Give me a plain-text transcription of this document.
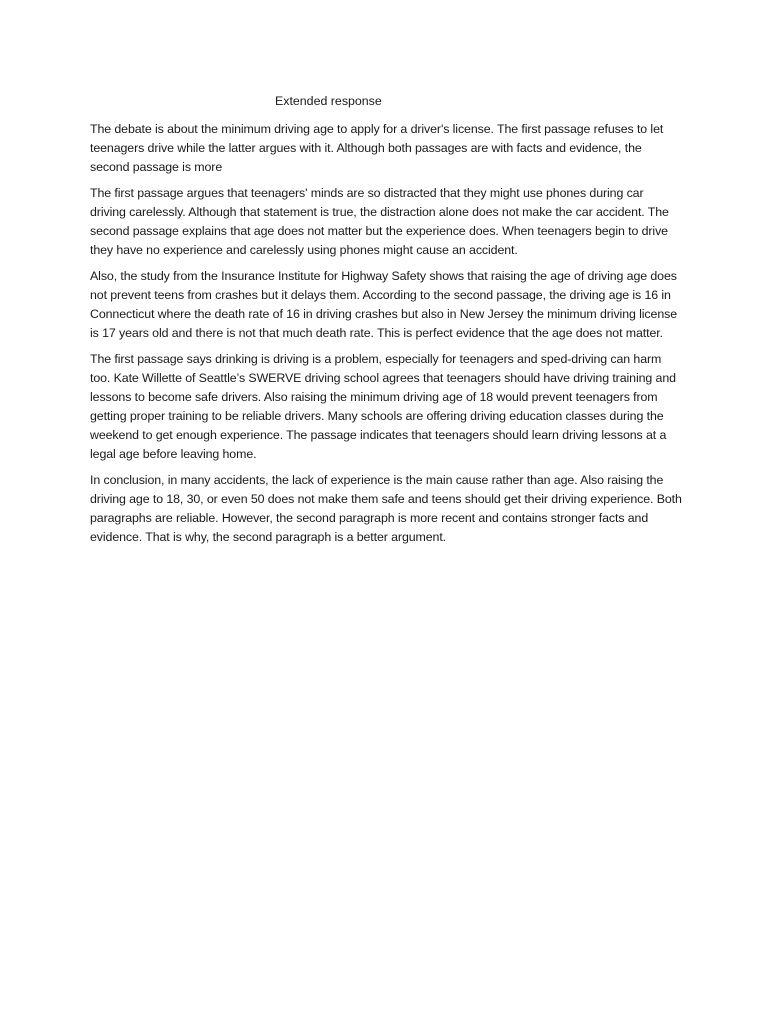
Extended response

The debate is about the minimum driving age to apply for a driver's license. The first passage refuses to let teenagers drive while the latter argues with it. Although both passages are with facts and evidence, the second passage is more

The first passage argues that teenagers' minds are so distracted that they might use phones during car driving carelessly. Although that statement is true, the distraction alone does not make the car accident. The second passage explains that age does not matter but the experience does. When teenagers begin to drive they have no experience and carelessly using phones might cause an accident.

Also, the study from the Insurance Institute for Highway Safety shows that raising the age of driving age does not prevent teens from crashes but it delays them. According to the second passage, the driving age is 16 in Connecticut where the death rate of 16 in driving crashes but also in New Jersey the minimum driving license is 17 years old and there is not that much death rate. This is perfect evidence that the age does not matter.

The first passage says drinking is driving is a problem, especially for teenagers and sped-driving can harm too. Kate Willette of Seattle’s SWERVE driving school agrees that teenagers should have driving training and lessons to become safe drivers. Also raising the minimum driving age of 18 would prevent teenagers from getting proper training to be reliable drivers. Many schools are offering driving education classes during the weekend to get enough experience. The passage indicates that teenagers should learn driving lessons at a legal age before leaving home.

In conclusion, in many accidents, the lack of experience is the main cause rather than age. Also raising the driving age to 18, 30, or even 50 does not make them safe and teens should get their driving experience. Both paragraphs are reliable. However, the second paragraph is more recent and contains stronger facts and evidence. That is why, the second paragraph is a better argument.
